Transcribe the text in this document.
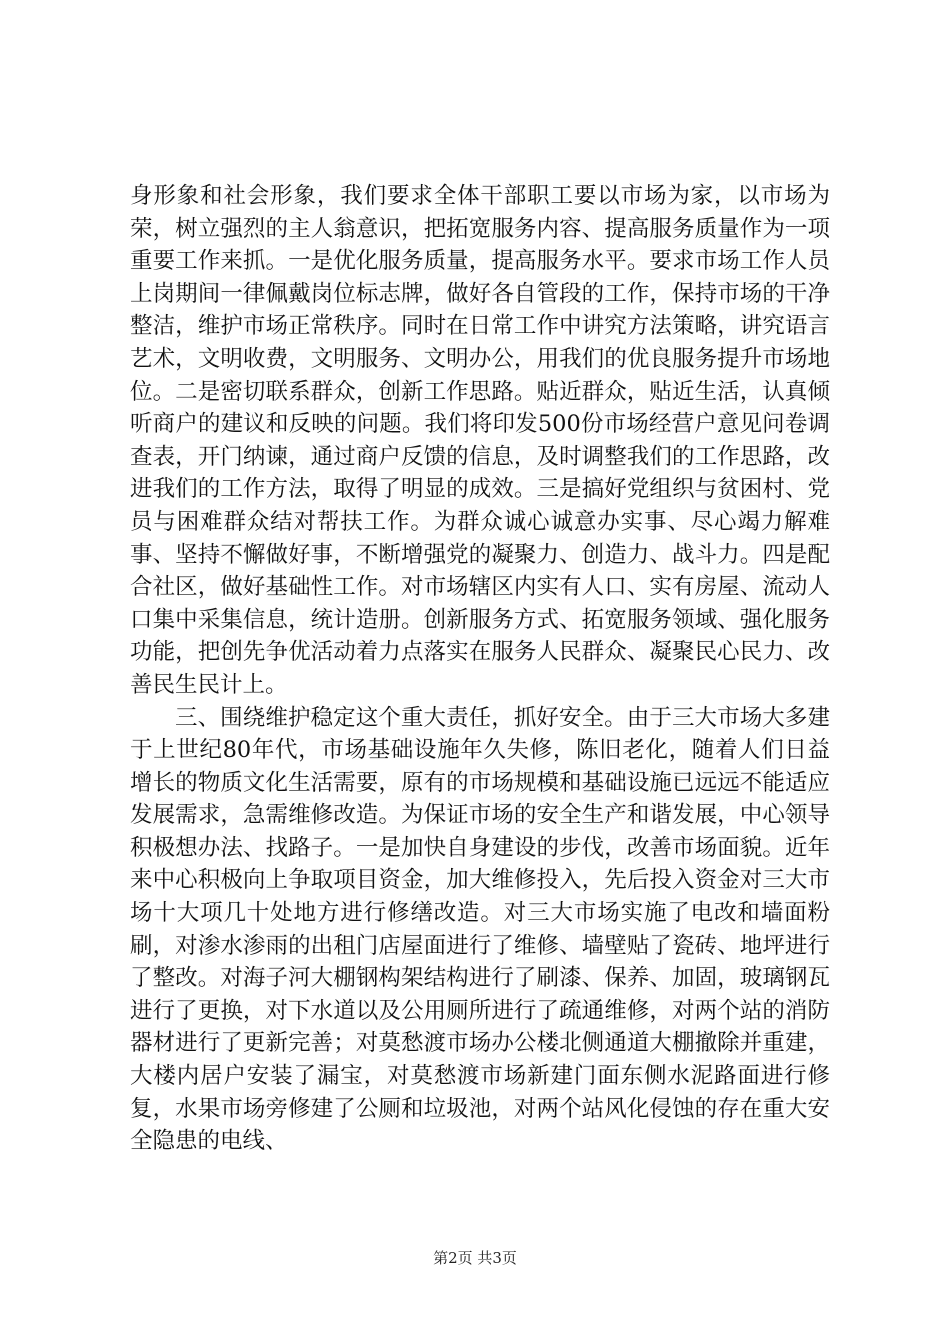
身形象和社会形象，我们要求全体干部职工要以市场为家，以市场为荣，树立强烈的主人翁意识，把拓宽服务内容、提高服务质量作为一项重要工作来抓。一是优化服务质量，提高服务水平。要求市场工作人员上岗期间一律佩戴岗位标志牌，做好各自管段的工作，保持市场的干净整洁，维护市场正常秩序。同时在日常工作中讲究方法策略，讲究语言艺术，文明收费，文明服务、文明办公，用我们的优良服务提升市场地位。二是密切联系群众，创新工作思路。贴近群众，贴近生活，认真倾听商户的建议和反映的问题。我们将印发500份市场经营户意见问卷调查表，开门纳谏，通过商户反馈的信息，及时调整我们的工作思路，改进我们的工作方法，取得了明显的成效。三是搞好党组织与贫困村、党员与困难群众结对帮扶工作。为群众诚心诚意办实事、尽心竭力解难事、坚持不懈做好事，不断增强党的凝聚力、创造力、战斗力。四是配合社区，做好基础性工作。对市场辖区内实有人口、实有房屋、流动人口集中采集信息，统计造册。创新服务方式、拓宽服务领域、强化服务功能，把创先争优活动着力点落实在服务人民群众、凝聚民心民力、改善民生民计上。

三、围绕维护稳定这个重大责任，抓好安全。由于三大市场大多建于上世纪80年代，市场基础设施年久失修，陈旧老化，随着人们日益增长的物质文化生活需要，原有的市场规模和基础设施已远远不能适应发展需求，急需维修改造。为保证市场的安全生产和谐发展，中心领导积极想办法、找路子。一是加快自身建设的步伐，改善市场面貌。近年来中心积极向上争取项目资金，加大维修投入，先后投入资金对三大市场十大项几十处地方进行修缮改造。对三大市场实施了电改和墙面粉刷，对渗水渗雨的出租门店屋面进行了维修、墙壁贴了瓷砖、地坪进行了整改。对海子河大棚钢构架结构进行了刷漆、保养、加固，玻璃钢瓦进行了更换，对下水道以及公用厕所进行了疏通维修，对两个站的消防器材进行了更新完善；对莫愁渡市场办公楼北侧通道大棚撤除并重建，大楼内居户安装了漏宝，对莫愁渡市场新建门面东侧水泥路面进行修复，水果市场旁修建了公厕和垃圾池，对两个站风化侵蚀的存在重大安全隐患的电线、

第2页 共3页
